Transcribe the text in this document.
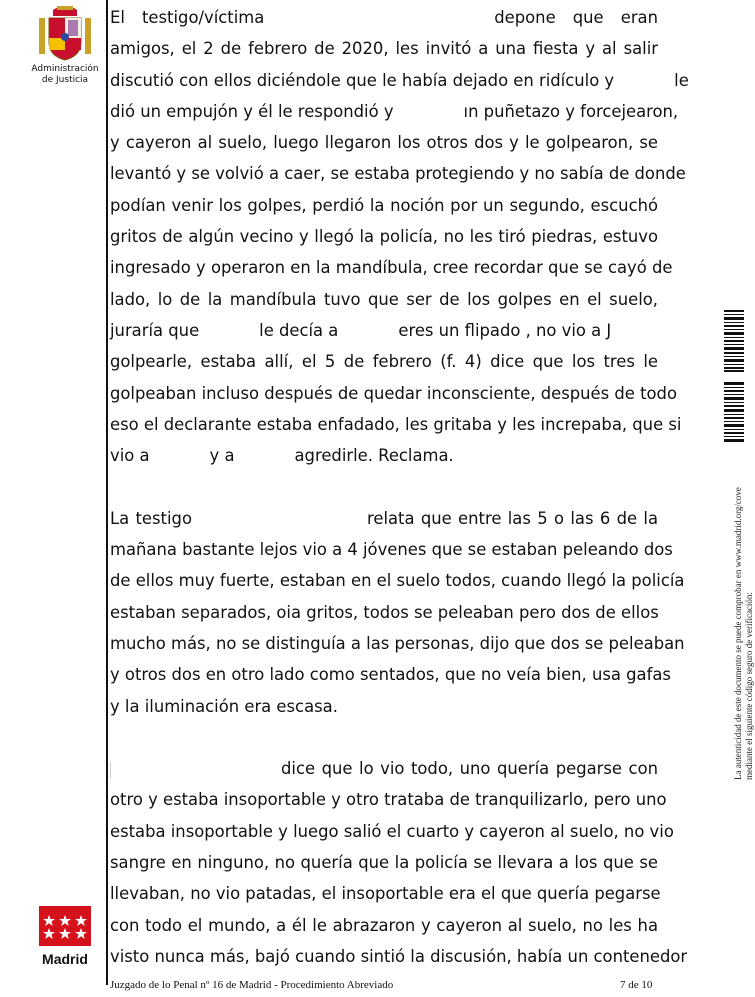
Administración
de Justicia
El testigo/víctima	depone que eran
amigos, el 2 de febrero de 2020, les invitó a una fiesta y al salir
discutió con ellos diciéndole que le había dejado en ridículo y	le
dió un empujón y él le respondió y	ın puñetazo y forcejearon,
y cayeron al suelo, luego llegaron los otros dos y le golpearon, se
levantó y se volvió a caer, se estaba protegiendo y no sabía de donde
podían venir los golpes, perdió la noción por un segundo, escuchó
gritos de algún vecino y llegó la policía, no les tiró piedras, estuvo
ingresado y operaron en la mandíbula, cree recordar que se cayó de
lado, lo de la mandíbula tuvo que ser de los golpes en el suelo,
juraría que	le decía a	eres un flipado , no vio a J
golpearle, estaba allí, el 5 de febrero (f. 4) dice que los tres le
golpeaban incluso después de quedar inconsciente, después de todo
eso el declarante estaba enfadado, les gritaba y les increpaba, que si
vio a	y a	agredirle. Reclama.
La testigo	relata que entre las 5 o las 6 de la
mañana bastante lejos vio a 4 jóvenes que se estaban peleando dos
de ellos muy fuerte, estaban en el suelo todos, cuando llegó la policía
estaban separados, oia gritos, todos se peleaban pero dos de ellos
mucho más, no se distinguía a las personas, dijo que dos se peleaban
y otros dos en otro lado como sentados, que no veía bien, usa gafas
y la iluminación era escasa.
dice que lo vio todo, uno quería pegarse con
otro y estaba insoportable y otro trataba de tranquilizarlo, pero uno
estaba insoportable y luego salió el cuarto y cayeron al suelo, no vio
sangre en ninguno, no quería que la policía se llevara a los que se
llevaban, no vio patadas, el insoportable era el que quería pegarse
con todo el mundo, a él le abrazaron y cayeron al suelo, no les ha
visto nunca más, bajó cuando sintió la discusión, había un contenedor
La autenticidad de este documento se puede comprobar en www.madrid.org/cove mediante el siguiente código seguro de verificación:
Madrid
Juzgado de lo Penal nº 16 de Madrid - Procedimiento Abreviado	7 de 10
